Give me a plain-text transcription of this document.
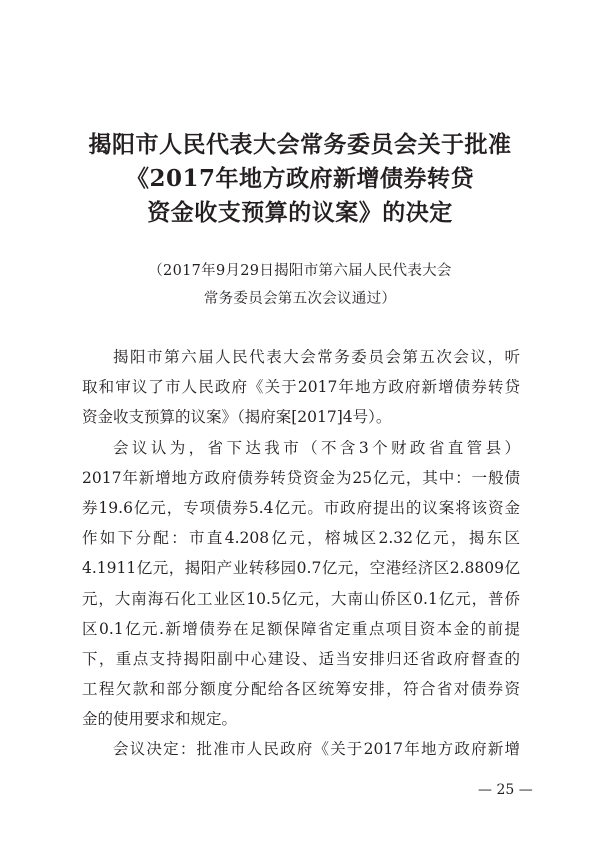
揭阳市人民代表大会常务委员会关于批准
《2017年地方政府新增债券转贷
资金收支预算的议案》的决定
（2017年9月29日揭阳市第六届人民代表大会
常务委员会第五次会议通过）
揭阳市第六届人民代表大会常务委员会第五次会议，听
取和审议了市人民政府《关于2017年地方政府新增债券转贷
资金收支预算的议案》（揭府案[2017]4号）。
会议认为，省下达我市（不含3个财政省直管县）
2017年新增地方政府债券转贷资金为25亿元，其中：一般债
券19.6亿元，专项债券5.4亿元。市政府提出的议案将该资金
作如下分配：市直4.208亿元，榕城区2.32亿元，揭东区
4.1911亿元，揭阳产业转移园0.7亿元，空港经济区2.8809亿
元，大南海石化工业区10.5亿元，大南山侨区0.1亿元，普侨
区0.1亿元.新增债券在足额保障省定重点项目资本金的前提
下，重点支持揭阳副中心建设、适当安排归还省政府督查的
工程欠款和部分额度分配给各区统筹安排，符合省对债券资
金的使用要求和规定。
会议决定：批准市人民政府《关于2017年地方政府新增
— 25 —
